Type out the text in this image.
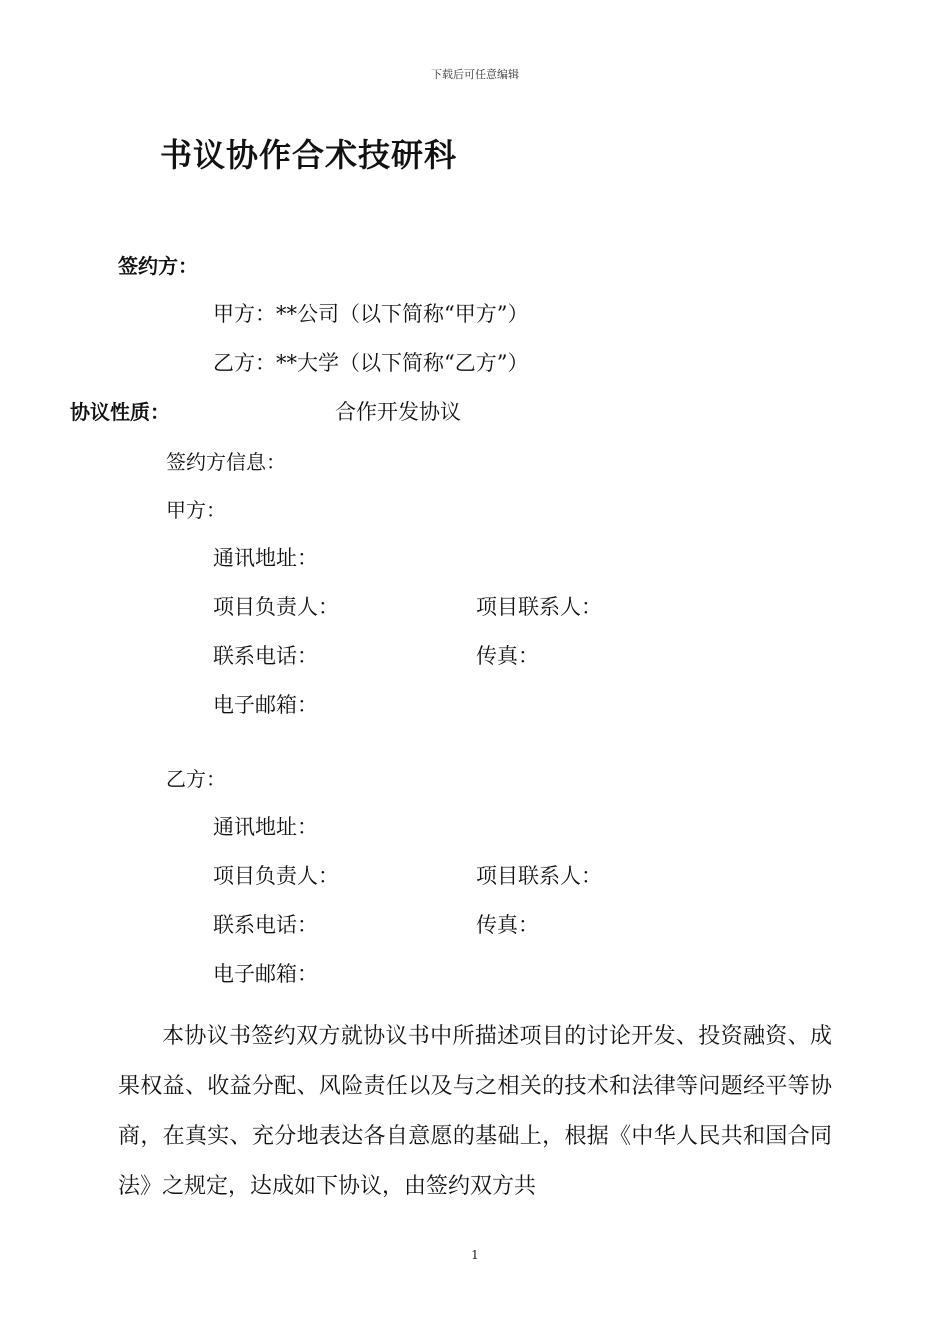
下载后可任意编辑
书议协作合术技研科
签约方：
甲方：**公司（以下简称“甲方”）
乙方：**大学（以下简称“乙方”）
协议性质：	合作开发协议
签约方信息：
甲方：
通讯地址：
项目负责人：	项目联系人：
联系电话：	传真：
电子邮箱：
乙方：
通讯地址：
项目负责人：	项目联系人：
联系电话：	传真：
电子邮箱：
本协议书签约双方就协议书中所描述项目的讨论开发、投资融资、成果权益、收益分配、风险责任以及与之相关的技术和法律等问题经平等协商，在真实、充分地表达各自意愿的基础上，根据《中华人民共和国合同法》之规定，达成如下协议，由签约双方共
1
